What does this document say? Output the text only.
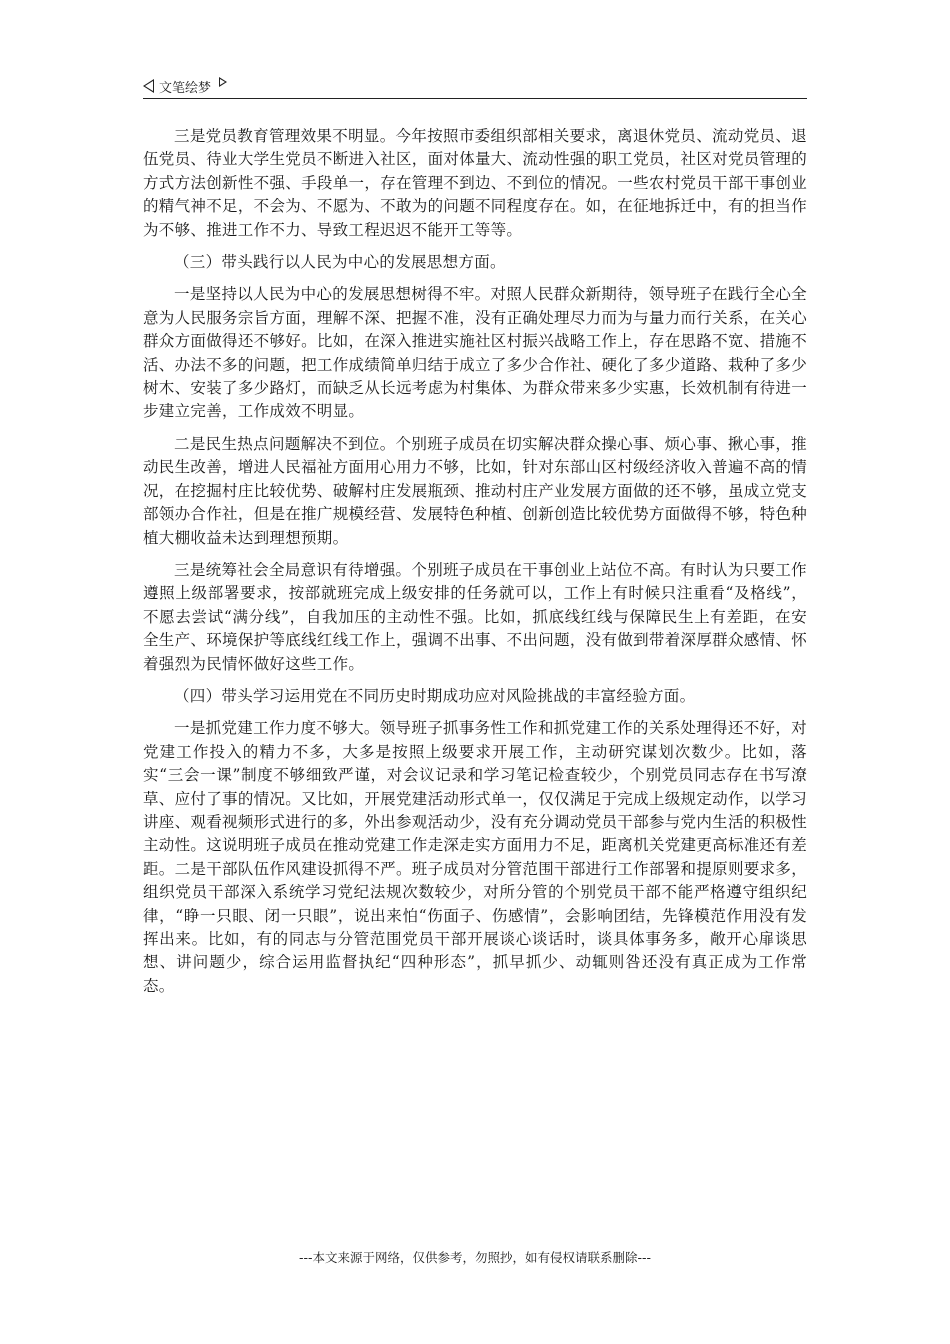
文笔绘梦

三是党员教育管理效果不明显。今年按照市委组织部相关要求，离退休党员、流动党员、退伍党员、待业大学生党员不断进入社区，面对体量大、流动性强的职工党员，社区对党员管理的方式方法创新性不强、手段单一，存在管理不到边、不到位的情况。一些农村党员干部干事创业的精气神不足，不会为、不愿为、不敢为的问题不同程度存在。如，在征地拆迁中，有的担当作为不够、推进工作不力、导致工程迟迟不能开工等等。

（三）带头践行以人民为中心的发展思想方面。

一是坚持以人民为中心的发展思想树得不牢。对照人民群众新期待，领导班子在践行全心全意为人民服务宗旨方面，理解不深、把握不准，没有正确处理尽力而为与量力而行关系，在关心群众方面做得还不够好。比如，在深入推进实施社区村振兴战略工作上，存在思路不宽、措施不活、办法不多的问题，把工作成绩简单归结于成立了多少合作社、硬化了多少道路、栽种了多少树木、安装了多少路灯，而缺乏从长远考虑为村集体、为群众带来多少实惠，长效机制有待进一步建立完善，工作成效不明显。

二是民生热点问题解决不到位。个别班子成员在切实解决群众操心事、烦心事、揪心事，推动民生改善，增进人民福祉方面用心用力不够，比如，针对东部山区村级经济收入普遍不高的情况，在挖掘村庄比较优势、破解村庄发展瓶颈、推动村庄产业发展方面做的还不够，虽成立党支部领办合作社，但是在推广规模经营、发展特色种植、创新创造比较优势方面做得不够，特色种植大棚收益未达到理想预期。

三是统筹社会全局意识有待增强。个别班子成员在干事创业上站位不高。有时认为只要工作遵照上级部署要求，按部就班完成上级安排的任务就可以，工作上有时候只注重看“及格线”，不愿去尝试“满分线”，自我加压的主动性不强。比如，抓底线红线与保障民生上有差距，在安全生产、环境保护等底线红线工作上，强调不出事、不出问题，没有做到带着深厚群众感情、怀着强烈为民情怀做好这些工作。

（四）带头学习运用党在不同历史时期成功应对风险挑战的丰富经验方面。

一是抓党建工作力度不够大。领导班子抓事务性工作和抓党建工作的关系处理得还不好，对党建工作投入的精力不多，大多是按照上级要求开展工作，主动研究谋划次数少。比如，落实“三会一课”制度不够细致严谨，对会议记录和学习笔记检查较少，个别党员同志存在书写潦草、应付了事的情况。又比如，开展党建活动形式单一，仅仅满足于完成上级规定动作，以学习讲座、观看视频形式进行的多，外出参观活动少，没有充分调动党员干部参与党内生活的积极性主动性。这说明班子成员在推动党建工作走深走实方面用力不足，距离机关党建更高标准还有差距。二是干部队伍作风建设抓得不严。班子成员对分管范围干部进行工作部署和提原则要求多，组织党员干部深入系统学习党纪法规次数较少，对所分管的个别党员干部不能严格遵守组织纪律，“睁一只眼、闭一只眼”，说出来怕“伤面子、伤感情”，会影响团结，先锋模范作用没有发挥出来。比如，有的同志与分管范围党员干部开展谈心谈话时，谈具体事务多，敞开心扉谈思想、讲问题少，综合运用监督执纪“四种形态”，抓早抓少、动辄则咎还没有真正成为工作常态。

---本文来源于网络，仅供参考，勿照抄，如有侵权请联系删除---
